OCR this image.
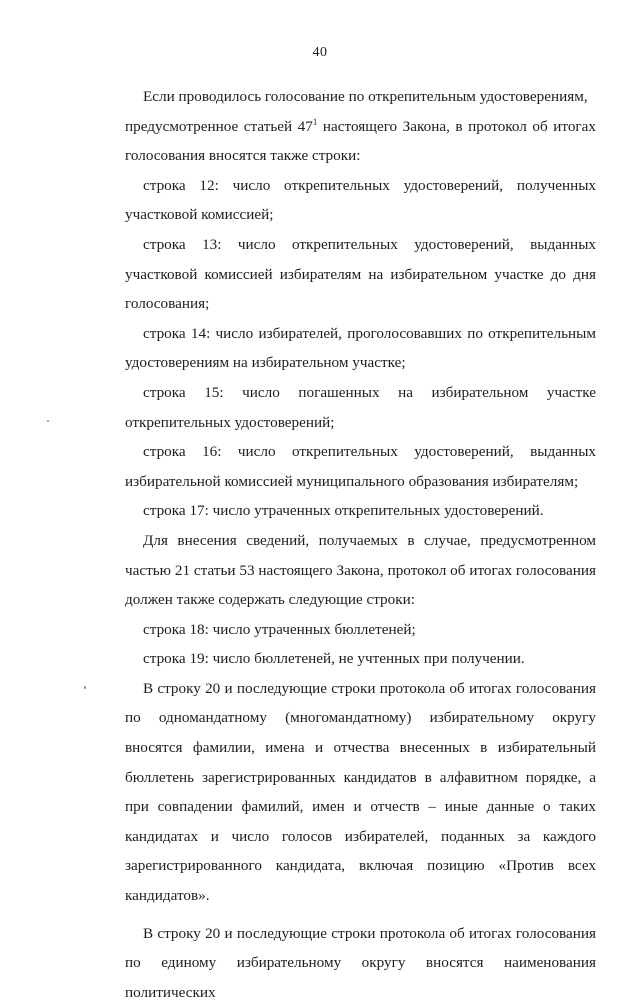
40

Если проводилось голосование по открепительным удостоверениям,
предусмотренное статьей $47^1$ настоящего Закона, в протокол об итогах голосования вносятся также строки:

строка 12: число открепительных удостоверений, полученных участковой комиссией;

строка 13: число открепительных удостоверений, выданных участковой комиссией избирателям на избирательном участке до дня голосования;

строка 14: число избирателей, проголосовавших по открепительным удостоверениям на избирательном участке;

строка 15: число погашенных на избирательном участке открепительных удостоверений;

строка 16: число открепительных удостоверений, выданных избирательной комиссией муниципального образования избирателям;

строка 17: число утраченных открепительных удостоверений.

Для внесения сведений, получаемых в случае, предусмотренном частью 21 статьи 53 настоящего Закона, протокол об итогах голосования должен также содержать следующие строки:

строка 18: число утраченных бюллетеней;

строка 19: число бюллетеней, не учтенных при получении.

В строку 20 и последующие строки протокола об итогах голосования по одномандатному (многомандатному) избирательному округу вносятся фамилии, имена и отчества внесенных в избирательный бюллетень зарегистрированных кандидатов в алфавитном порядке, а при совпадении фамилий, имен и отчеств – иные данные о таких кандидатах и число голосов избирателей, поданных за каждого зарегистрированного кандидата, включая позицию «Против всех кандидатов».

В строку 20 и последующие строки протокола об итогах голосования по единому избирательному округу вносятся наименования политических
